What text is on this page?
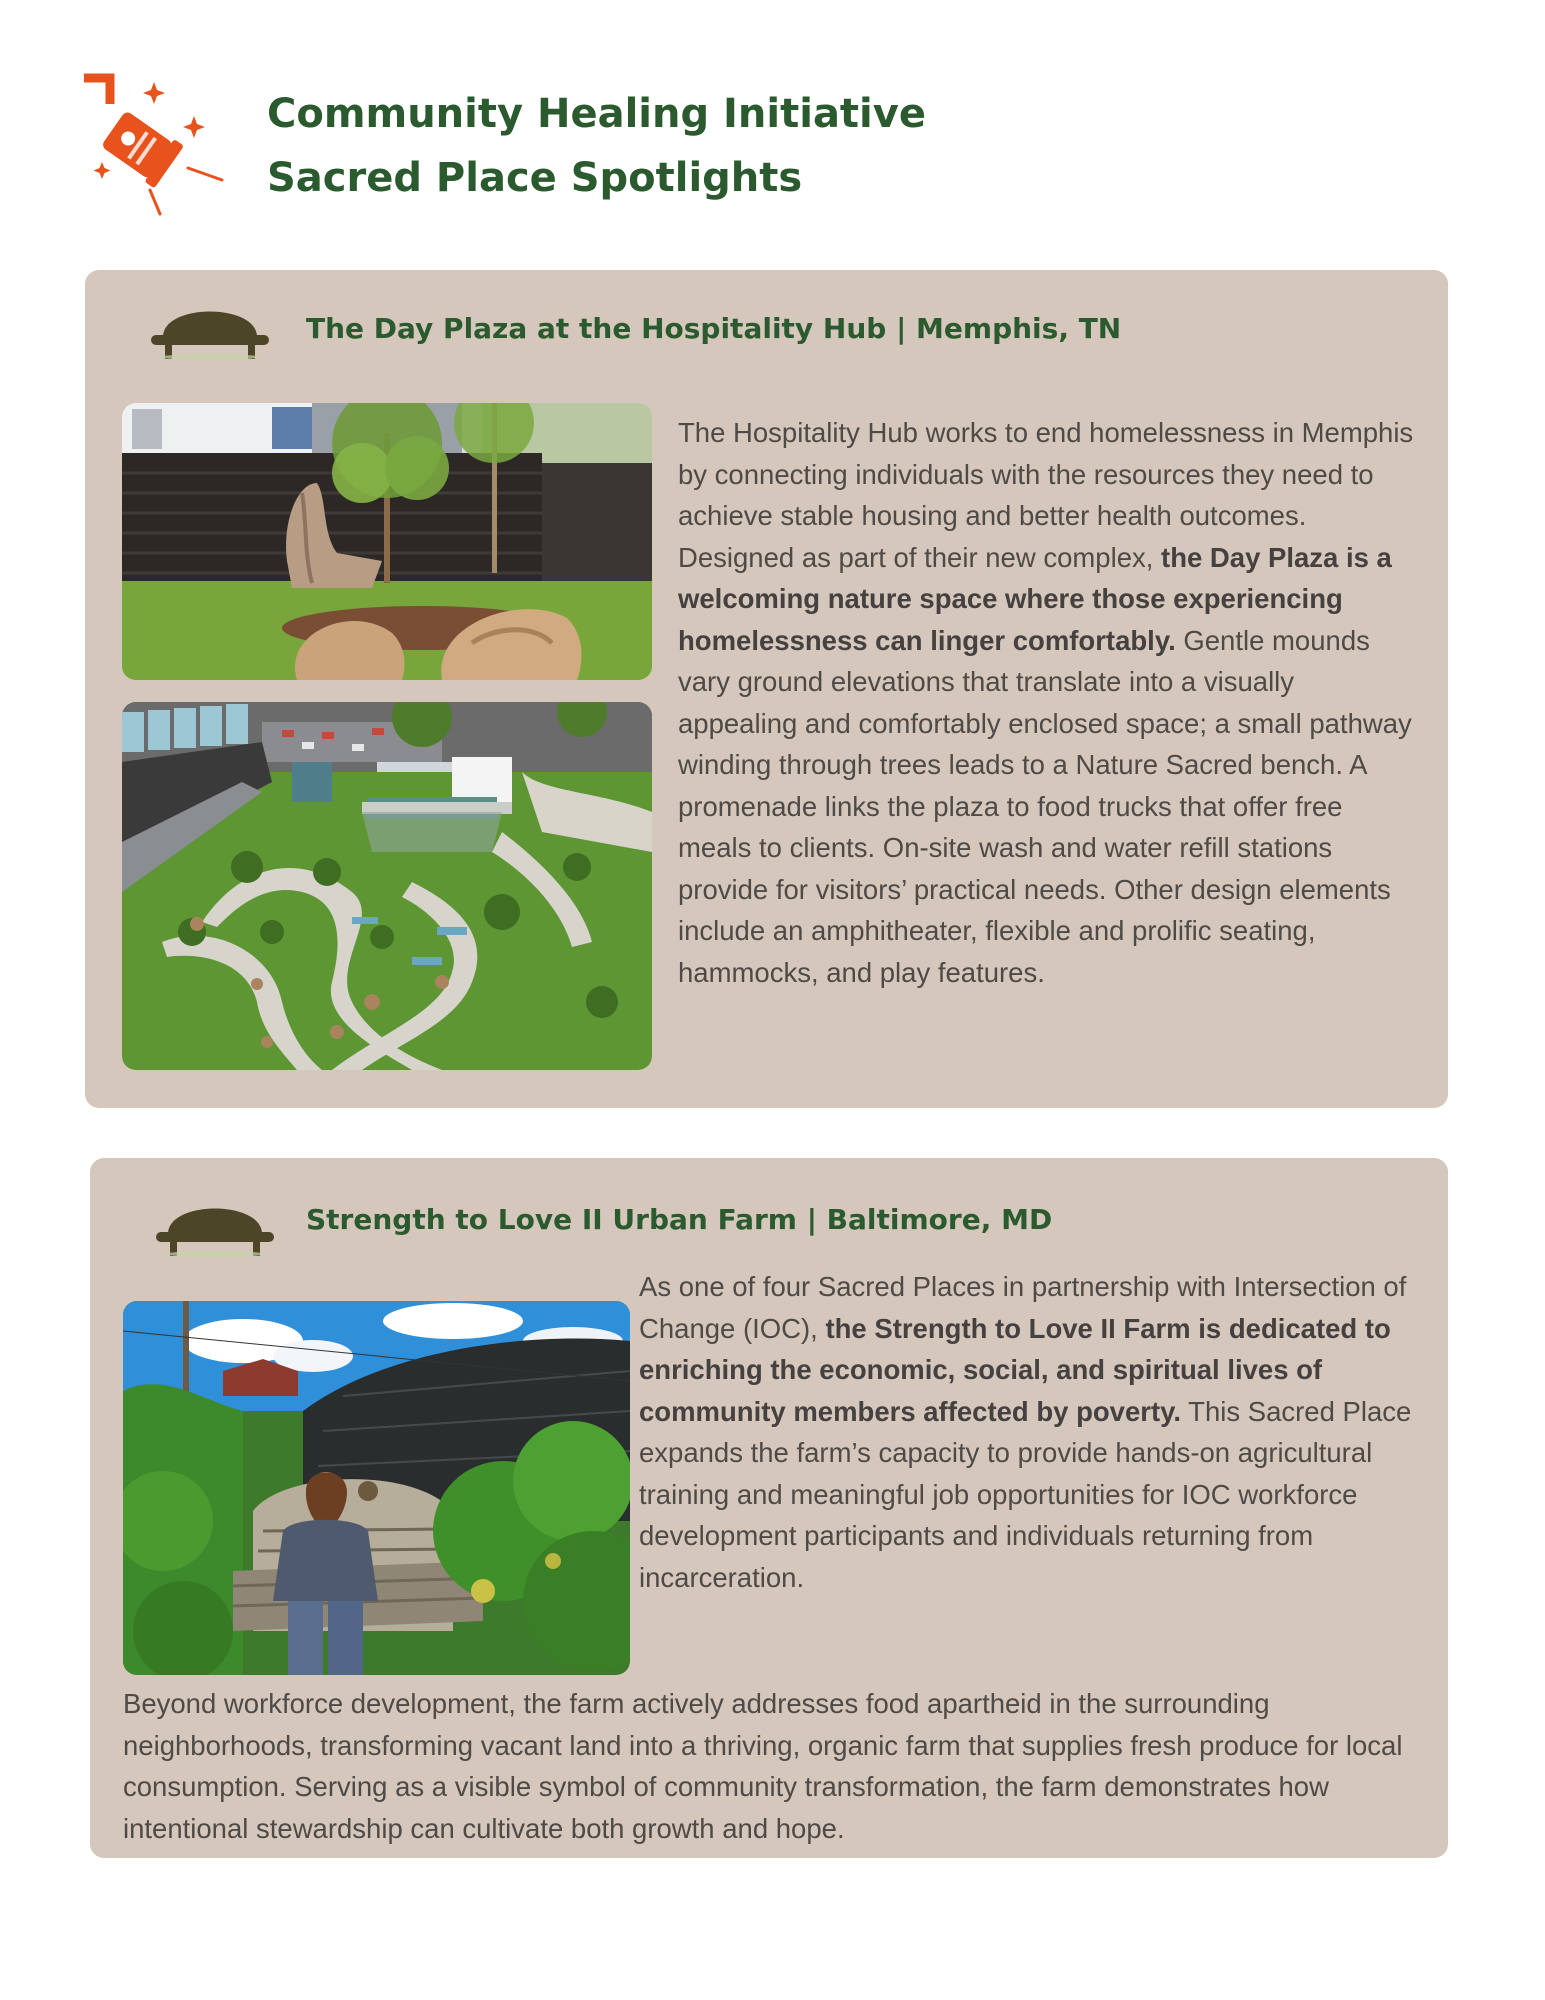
Community Healing Initiative
Sacred Place Spotlights
The Day Plaza at the Hospitality Hub | Memphis, TN

The Hospitality Hub works to end homelessness in Memphis by connecting individuals with the resources they need to achieve stable housing and better health outcomes. Designed as part of their new complex, the Day Plaza is a welcoming nature space where those experiencing homelessness can linger comfortably. Gentle mounds vary ground elevations that translate into a visually appealing and comfortably enclosed space; a small pathway winding through trees leads to a Nature Sacred bench. A promenade links the plaza to food trucks that offer free meals to clients. On-site wash and water refill stations provide for visitors’ practical needs. Other design elements include an amphitheater, flexible and prolific seating, hammocks, and play features.

Strength to Love II Urban Farm | Baltimore, MD

As one of four Sacred Places in partnership with Intersection of Change (IOC), the Strength to Love II Farm is dedicated to enriching the economic, social, and spiritual lives of community members affected by poverty. This Sacred Place expands the farm’s capacity to provide hands-on agricultural training and meaningful job opportunities for IOC workforce development participants and individuals returning from incarceration.

Beyond workforce development, the farm actively addresses food apartheid in the surrounding neighborhoods, transforming vacant land into a thriving, organic farm that supplies fresh produce for local consumption. Serving as a visible symbol of community transformation, the farm demonstrates how intentional stewardship can cultivate both growth and hope.
